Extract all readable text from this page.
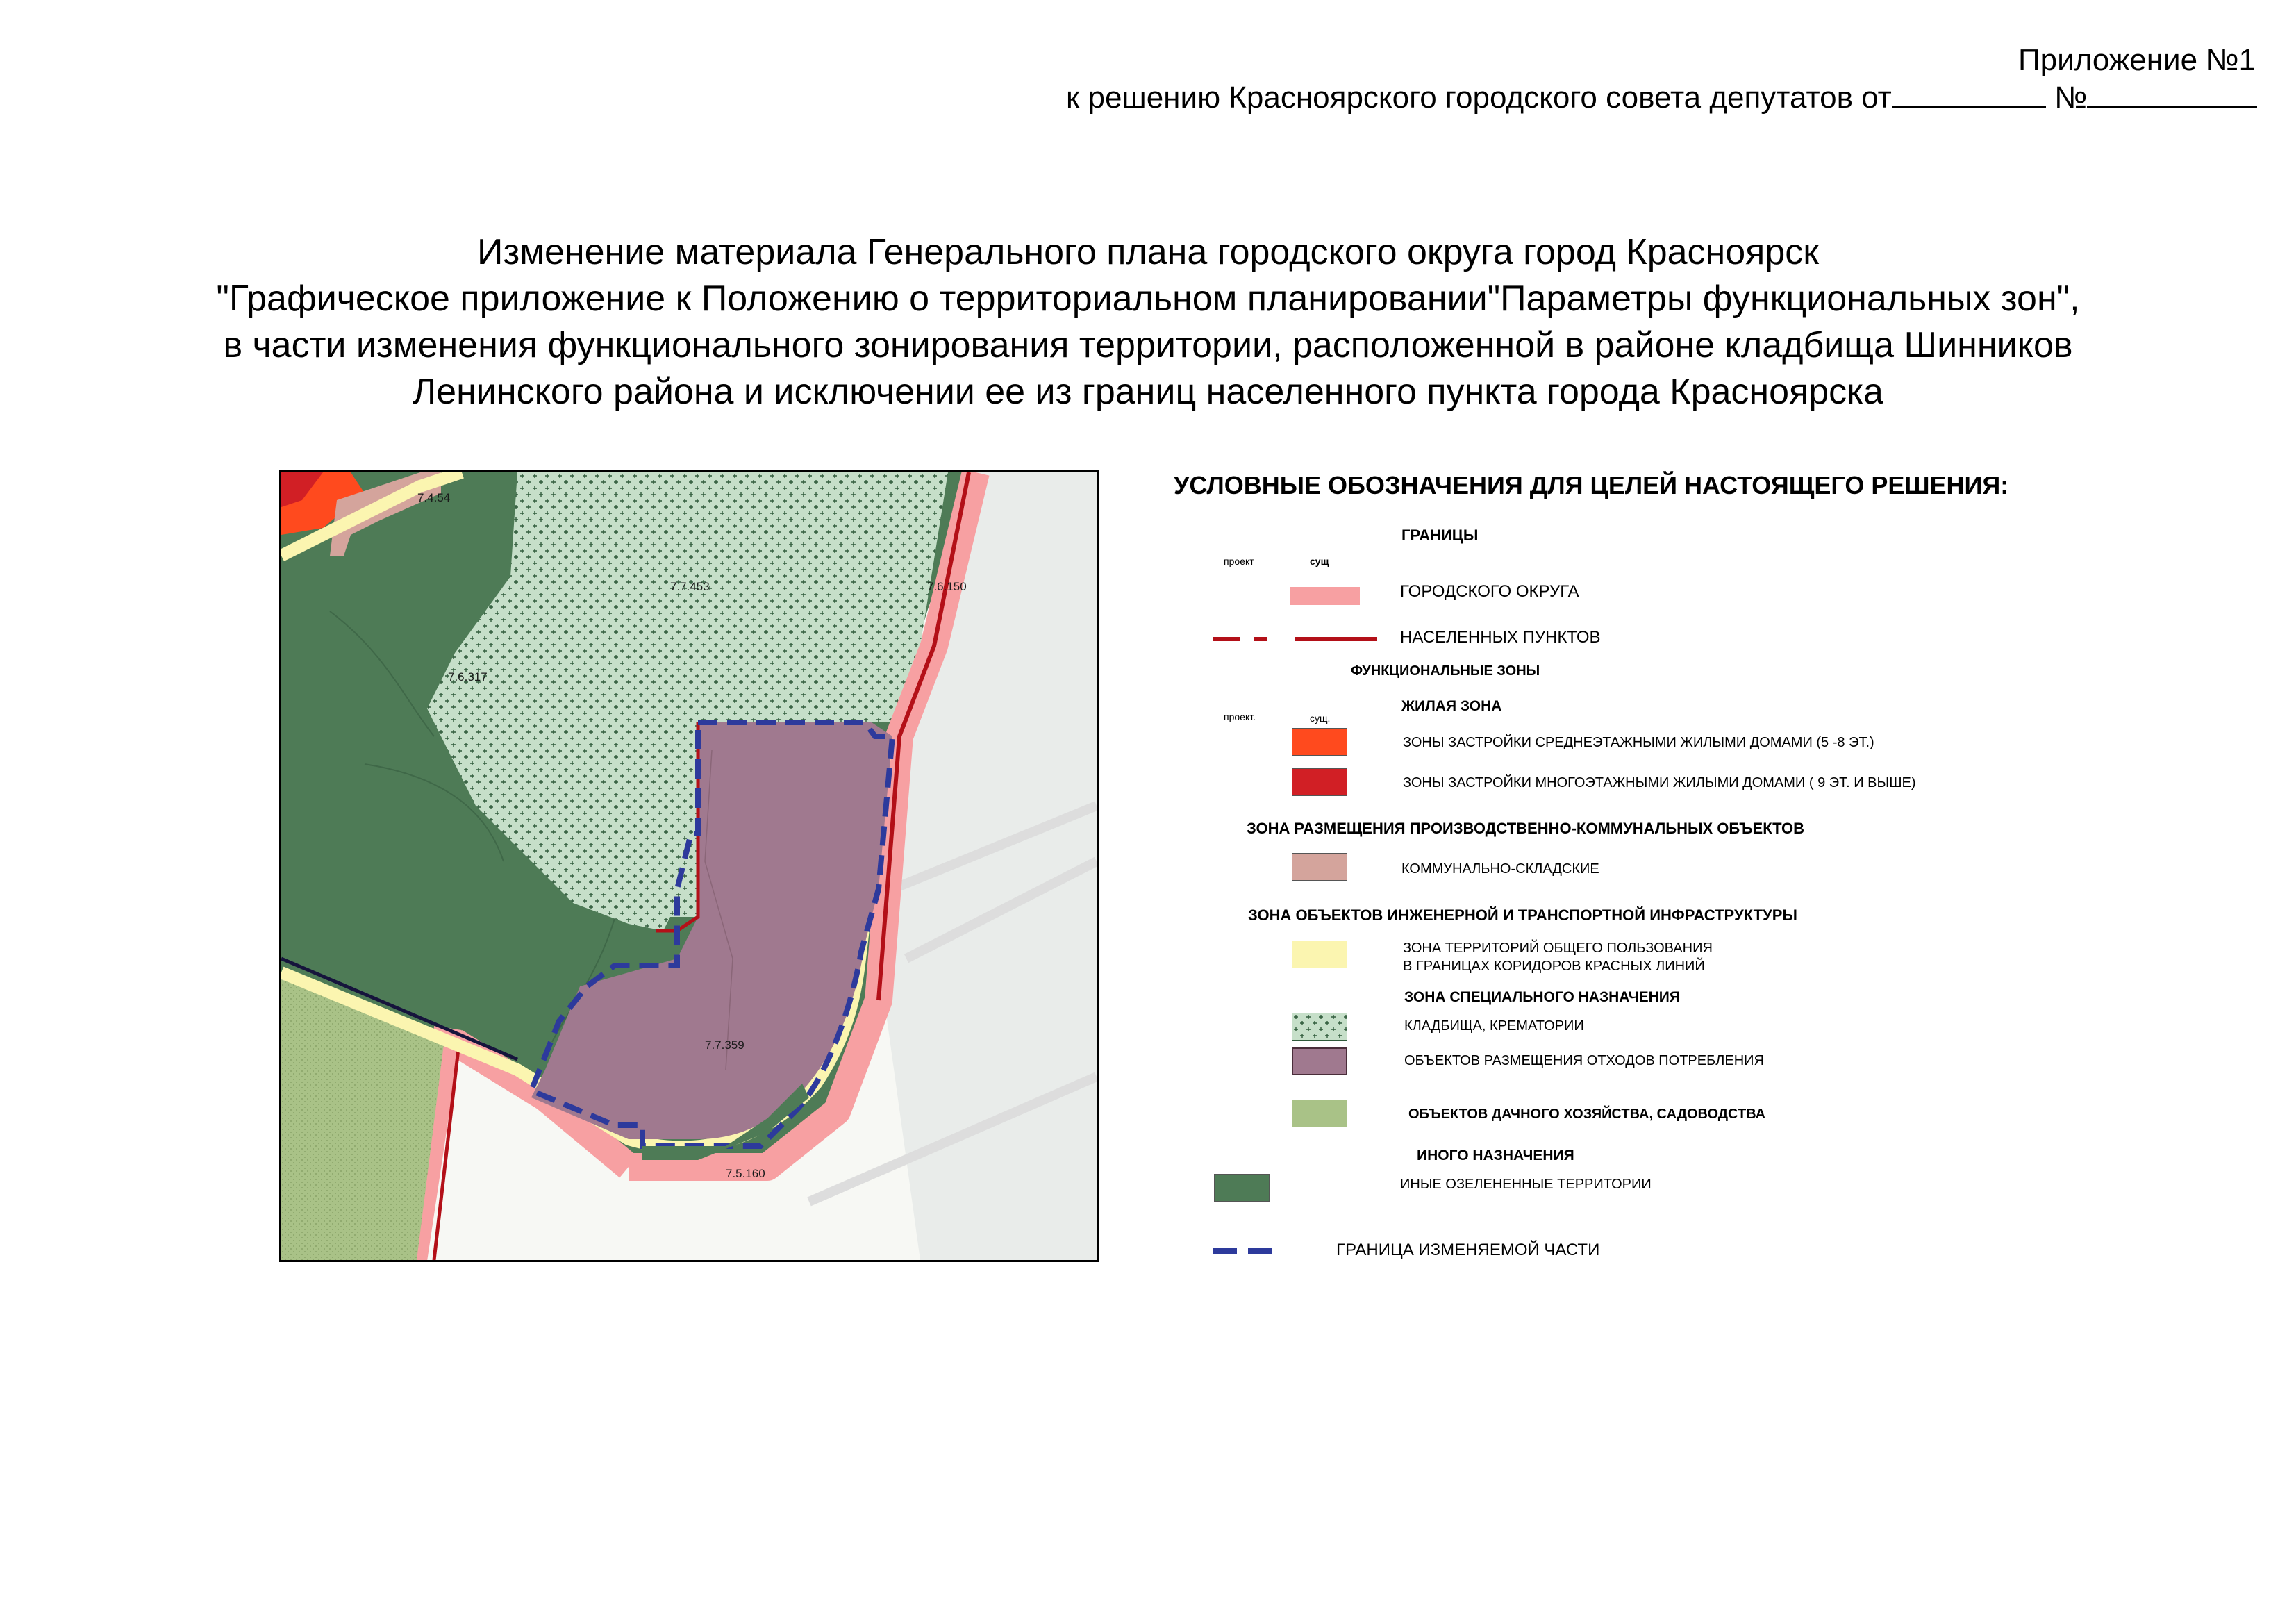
Приложение №1
к решению Красноярского городского совета депутатов от	№
Изменение материала Генерального плана городского округа город Красноярск
"Графическое приложение к Положению о территориальном планировании"Параметры функциональных зон",
в части изменения функционального зонирования территории, расположенной в районе кладбища Шинников
Ленинского района и исключении ее из границ населенного пункта города Красноярска
7.4.54
7.7.453	7.6.150
7.6.317
7.7.359
7.5.160
УСЛОВНЫЕ ОБОЗНАЧЕНИЯ ДЛЯ ЦЕЛЕЙ НАСТОЯЩЕГО РЕШЕНИЯ:
ГРАНИЦЫ
проект	сущ
ГОРОДСКОГО ОКРУГА
НАСЕЛЕННЫХ ПУНКТОВ
ФУНКЦИОНАЛЬНЫЕ ЗОНЫ
проект.	сущ.
ЖИЛАЯ ЗОНА
ЗОНЫ ЗАСТРОЙКИ СРЕДНЕЭТАЖНЫМИ ЖИЛЫМИ ДОМАМИ (5 -8 ЭТ.)
ЗОНЫ ЗАСТРОЙКИ МНОГОЭТАЖНЫМИ ЖИЛЫМИ ДОМАМИ ( 9 ЭТ. И ВЫШЕ)
ЗОНА РАЗМЕЩЕНИЯ ПРОИЗВОДСТВЕННО-КОММУНАЛЬНЫХ ОБЪЕКТОВ
КОММУНАЛЬНО-СКЛАДСКИЕ
ЗОНА ОБЪЕКТОВ ИНЖЕНЕРНОЙ И ТРАНСПОРТНОЙ ИНФРАСТРУКТУРЫ
ЗОНА ТЕРРИТОРИЙ ОБЩЕГО ПОЛЬЗОВАНИЯ
В ГРАНИЦАХ КОРИДОРОВ КРАСНЫХ ЛИНИЙ
ЗОНА СПЕЦИАЛЬНОГО НАЗНАЧЕНИЯ
КЛАДБИЩА, КРЕМАТОРИИ
ОБЪЕКТОВ РАЗМЕЩЕНИЯ ОТХОДОВ ПОТРЕБЛЕНИЯ
ОБЪЕКТОВ ДАЧНОГО ХОЗЯЙСТВА, САДОВОДСТВА
ИНОГО НАЗНАЧЕНИЯ
ИНЫЕ ОЗЕЛЕНЕННЫЕ ТЕРРИТОРИИ
ГРАНИЦА ИЗМЕНЯЕМОЙ ЧАСТИ
